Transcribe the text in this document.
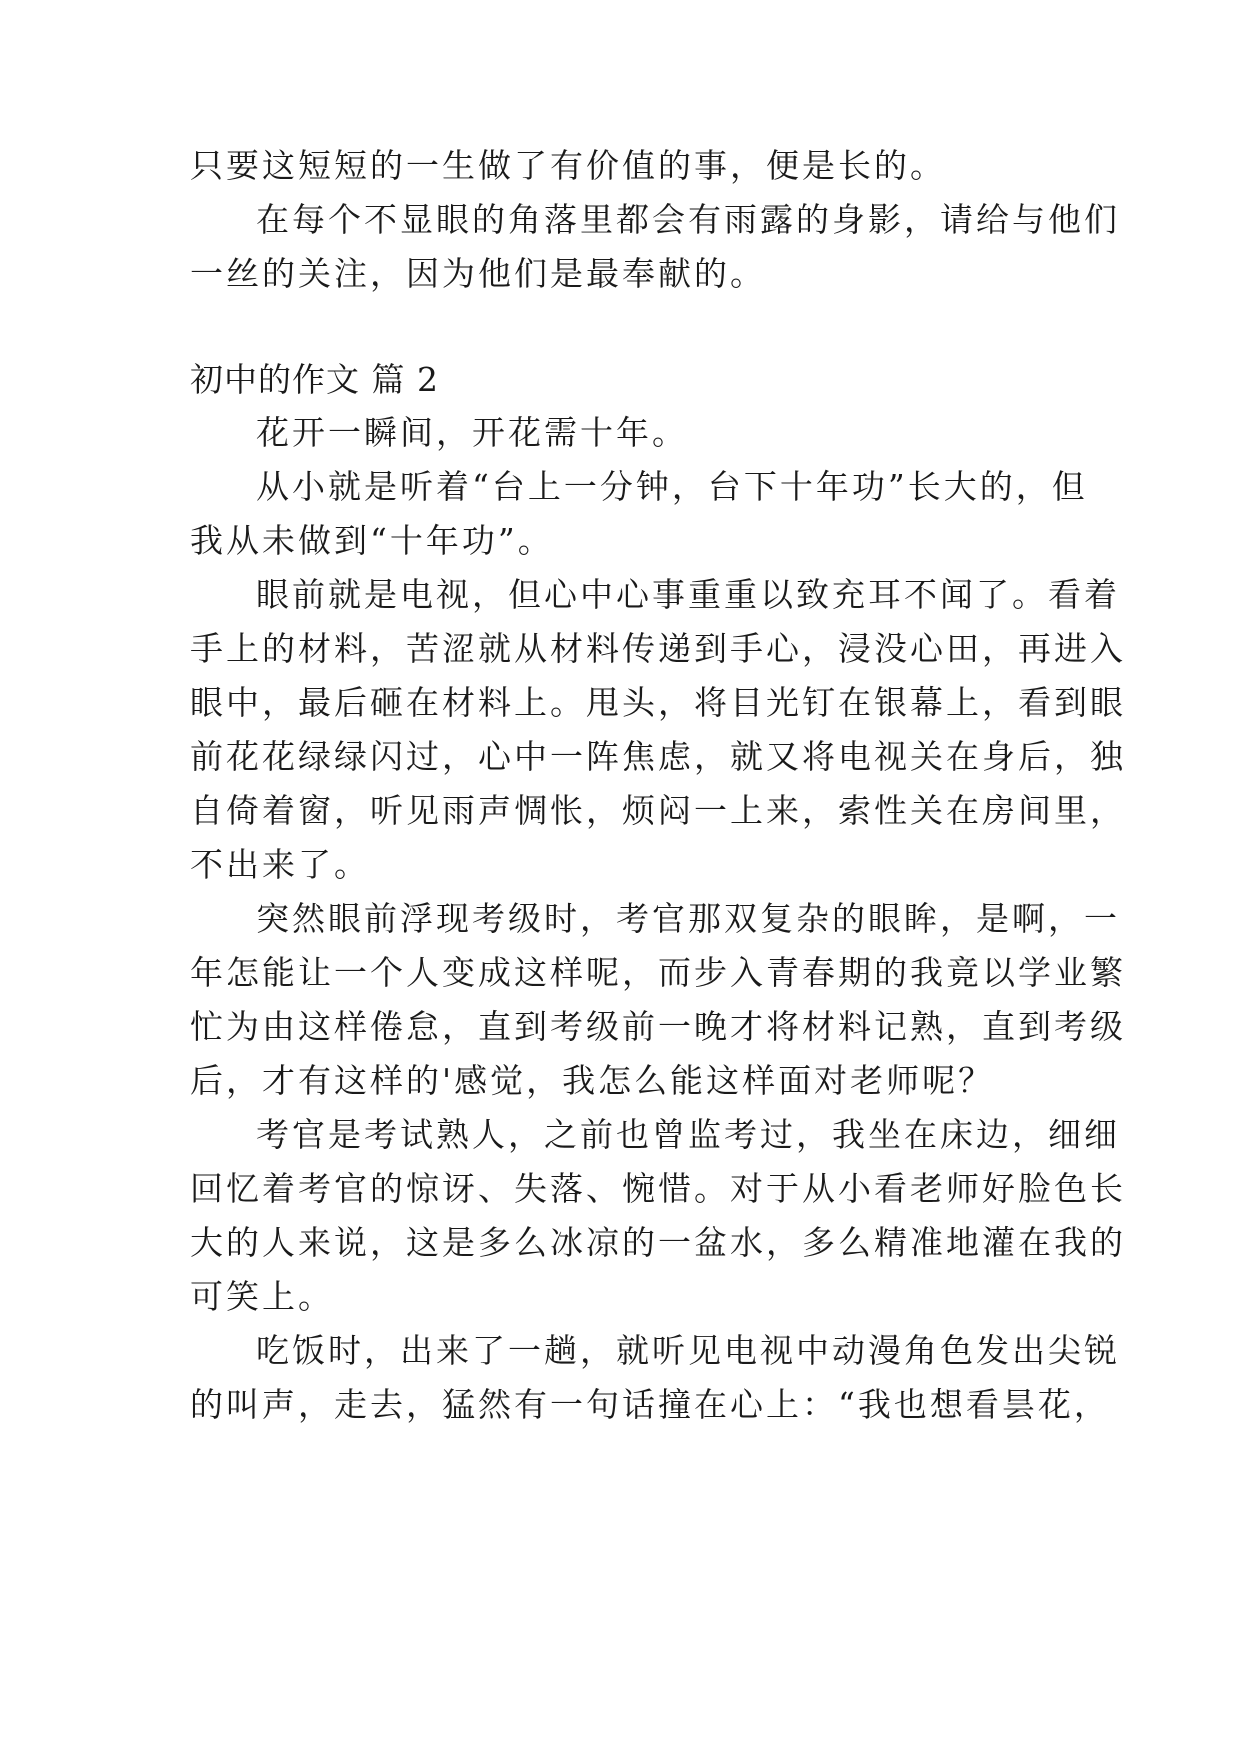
只要这短短的一生做了有价值的事，便是长的。
在每个不显眼的角落里都会有雨露的身影，请给与他们
一丝的关注，因为他们是最奉献的。
初中的作文 篇 2
花开一瞬间，开花需十年。
从小就是听着“台上一分钟，台下十年功”长大的，但
我从未做到“十年功”。
眼前就是电视，但心中心事重重以致充耳不闻了。看着
手上的材料，苦涩就从材料传递到手心，浸没心田，再进入
眼中，最后砸在材料上。甩头，将目光钉在银幕上，看到眼
前花花绿绿闪过，心中一阵焦虑，就又将电视关在身后，独
自倚着窗，听见雨声惆怅，烦闷一上来，索性关在房间里，
不出来了。
突然眼前浮现考级时，考官那双复杂的眼眸，是啊，一
年怎能让一个人变成这样呢，而步入青春期的我竟以学业繁
忙为由这样倦怠，直到考级前一晚才将材料记熟，直到考级
后，才有这样的'感觉，我怎么能这样面对老师呢？
考官是考试熟人，之前也曾监考过，我坐在床边，细细
回忆着考官的惊讶、失落、惋惜。对于从小看老师好脸色长
大的人来说，这是多么冰凉的一盆水，多么精准地灌在我的
可笑上。
吃饭时，出来了一趟，就听见电视中动漫角色发出尖锐
的叫声，走去，猛然有一句话撞在心上：“我也想看昙花，
